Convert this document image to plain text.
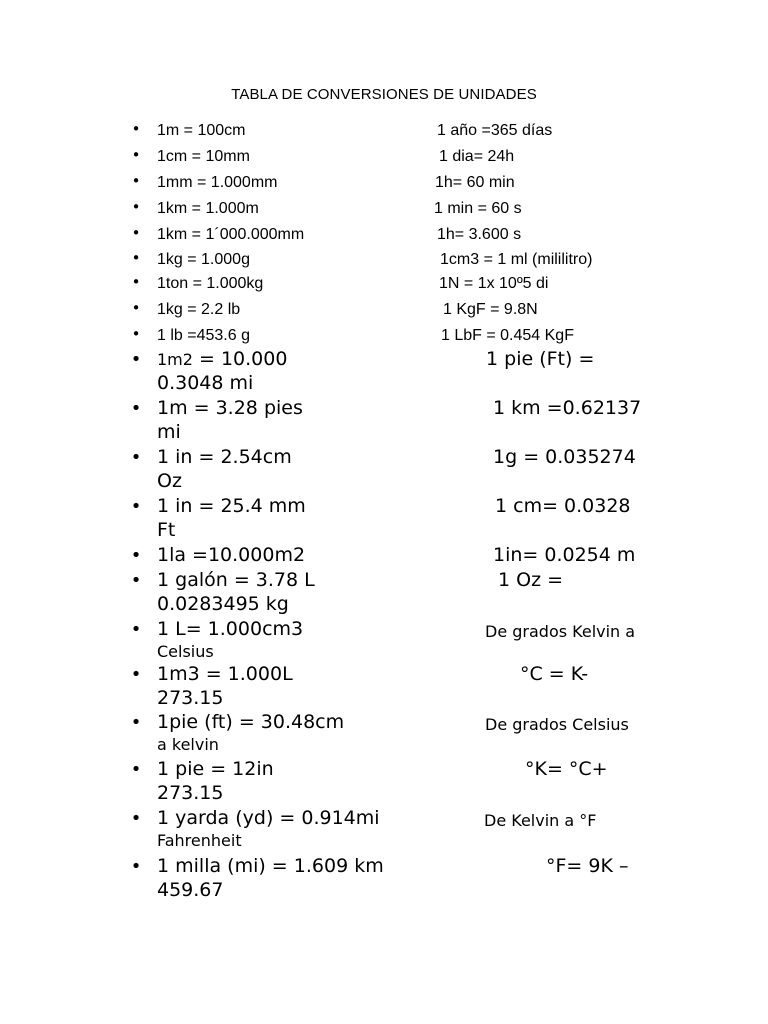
TABLA DE CONVERSIONES DE UNIDADES
• 1m = 100cm	1 año =365 días
• 1cm = 10mm	1 dia= 24h
• 1mm = 1.000mm	1h= 60 min
• 1km = 1.000m	1 min = 60 s
• 1km = 1´000.000mm	1h= 3.600 s
• 1kg = 1.000g	1cm3 = 1 ml (mililitro)
• 1ton = 1.000kg	1N = 1x 10º5 di
• 1kg = 2.2 lb	1 KgF = 9.8N
• 1 lb =453.6 g	1 LbF = 0.454 KgF
• 1m2 = 10.000	1 pie (Ft) =
0.3048 mi
• 1m = 3.28 pies	1 km =0.62137
mi
• 1 in = 2.54cm	1g = 0.035274
Oz
• 1 in = 25.4 mm	1 cm= 0.0328
Ft
• 1la =10.000m2	1in= 0.0254 m
• 1 galón = 3.78 L	1 Oz =
0.0283495 kg
• 1 L= 1.000cm3	De grados Kelvin a
Celsius
• 1m3 = 1.000L	°C = K-
273.15
• 1pie (ft) = 30.48cm	De grados Celsius
a kelvin
• 1 pie = 12in	°K= °C+
273.15
• 1 yarda (yd) = 0.914mi	De Kelvin a °F
Fahrenheit
• 1 milla (mi) = 1.609 km	°F= 9K –
459.67
